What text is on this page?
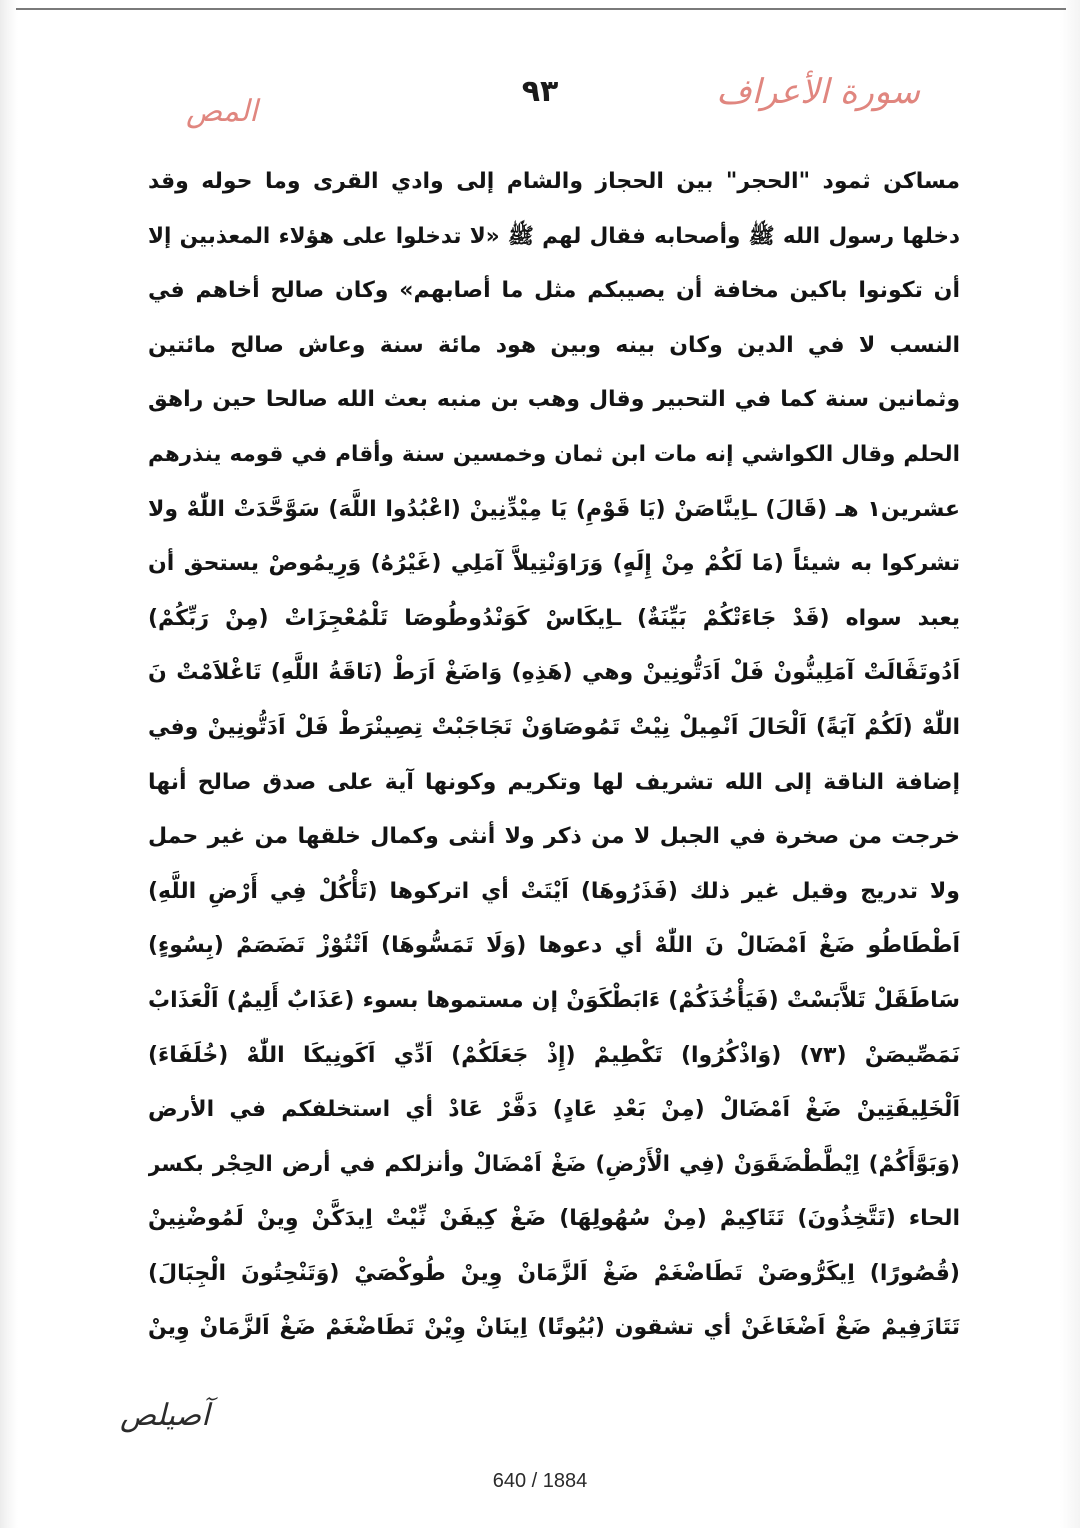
سورة الأعراف
٩٣
المص
مساكن ثمود "الحجر" بين الحجاز والشام إلى وادي القرى وما حوله وقد
دخلها رسول الله ﷺ وأصحابه فقال لهم ﷺ «لا تدخلوا على هؤلاء المعذبين إلا
أن تكونوا باكين مخافة أن يصيبكم مثل ما أصابهم» وكان صالح أخاهم في
النسب لا في الدين وكان بينه وبين هود مائة سنة وعاش صالح مائتين
وثمانين سنة كما في التحبير وقال وهب بن منبه بعث الله صالحا حين راهق
الحلم وقال الكواشي إنه مات ابن ثمان وخمسين سنة وأقام في قومه ينذرهم
عشرين١ هـ (قَالَ) ـاِينَّاصَنْ (يَا قَوْمِ) يَا مِيْدِّنِينْ (اعْبُدُوا اللَّهَ) سَوَّحَّدَتْ اللّٰهْ ولا
تشركوا به شيئاً (مَا لَكُمْ مِنْ إِلَهٍ) وَرَاوَنْتِيلاَّ آمَلِي (غَيْرُهُ) وَرِيمُوصْ يستحق أن
يعبد سواه (قَدْ جَاءَتْكُمْ بَيِّنَةٌ) ـاِيكَاسْ كَوَنْدُوطُوصَا تَلْمُعْجِزَاتْ (مِنْ رَبِّكُمْ)
اَدُوتَڤَالَتْ آمَلِينُّونْ فَلْ اَدَتُّونِينْ وهي (هَذِهِ) وَاضَغْ اَرَطْ (نَاقَةُ اللَّهِ) تَاغْلاَمْتْ نَ
اللّٰهْ (لَكُمْ آيَةً) اَلْحَالَ اَنْمِيلْ نِيْتْ تَمُوصَاوَنْ تَجَاجَبْتْ تِصِينْرَطْ فَلْ اَدَتُّونِينْ وفي
إضافة الناقة إلى الله تشريف لها وتكريم وكونها آية على صدق صالح أنها
خرجت من صخرة في الجبل لا من ذكر ولا أنثى وكمال خلقها من غير حمل
ولا تدريج وقيل غير ذلك (فَذَرُوهَا) اَيْتَتْ أي اتركوها (تَأْكُلْ فِي أَرْضِ اللَّهِ)
اَطْطَاطُو ضَغْ اَمْضَالْ نَ اللّٰهْ أي دعوها (وَلَا تَمَسُّوهَا) اَتْتُوْزْ تَضَصَمْ (بِسُوءٍ)
سَاطَقَلْ تَلاَّبَسْتْ (فَيَأْخُذَكُمْ) ءَابَطْكَوَنْ إن مستموها بسوء (عَذَابٌ أَلِيمٌ) اَلْعَذَابْ
نَمَصِّيصَنْ (٧٣) (وَاذْكُرُوا) تَكْطِيمْ (إِذْ جَعَلَكُمْ) اَدِّي اَكَونِيكَا اللّٰهْ (خُلَفَاءَ)
اَلْخَلِيفَتِينْ ضَغْ اَمْضَالْ (مِنْ بَعْدِ عَادٍ) دَفَّرْ عَادْ أي استخلفكم في الأرض
(وَبَوَّأَكُمْ) اِيْطَّطْضَقَوَنْ (فِي الْأَرْضِ) ضَغْ اَمْضَالْ وأنزلكم في أرض الحِجْر بكسر
الحاء (تَتَّخِذُونَ) تَتَاكِيمْ (مِنْ سُهُولِهَا) ضَغْ كِيفَنْ نِّيْتْ اِيدَكَّنْ وِينْ لَمُوضْنِينْ
(قُصُورًا) اِيكَرُّوصَنْ تَطَاضْغَمْ ضَغْ اَلزَّمَانْ وِينْ طُوكْصَيْ (وَتَنْحِتُونَ الْجِبَالَ)
تَتَازَفِيمْ ضَغْ اَضْغَاغَنْ أي تشقون (بُيُوتًا) اِينَانْ وِيْنْ تَطَاضْغَمْ ضَغْ اَلزَّمَانْ وِينْ
آصيلص
640 / 1884
